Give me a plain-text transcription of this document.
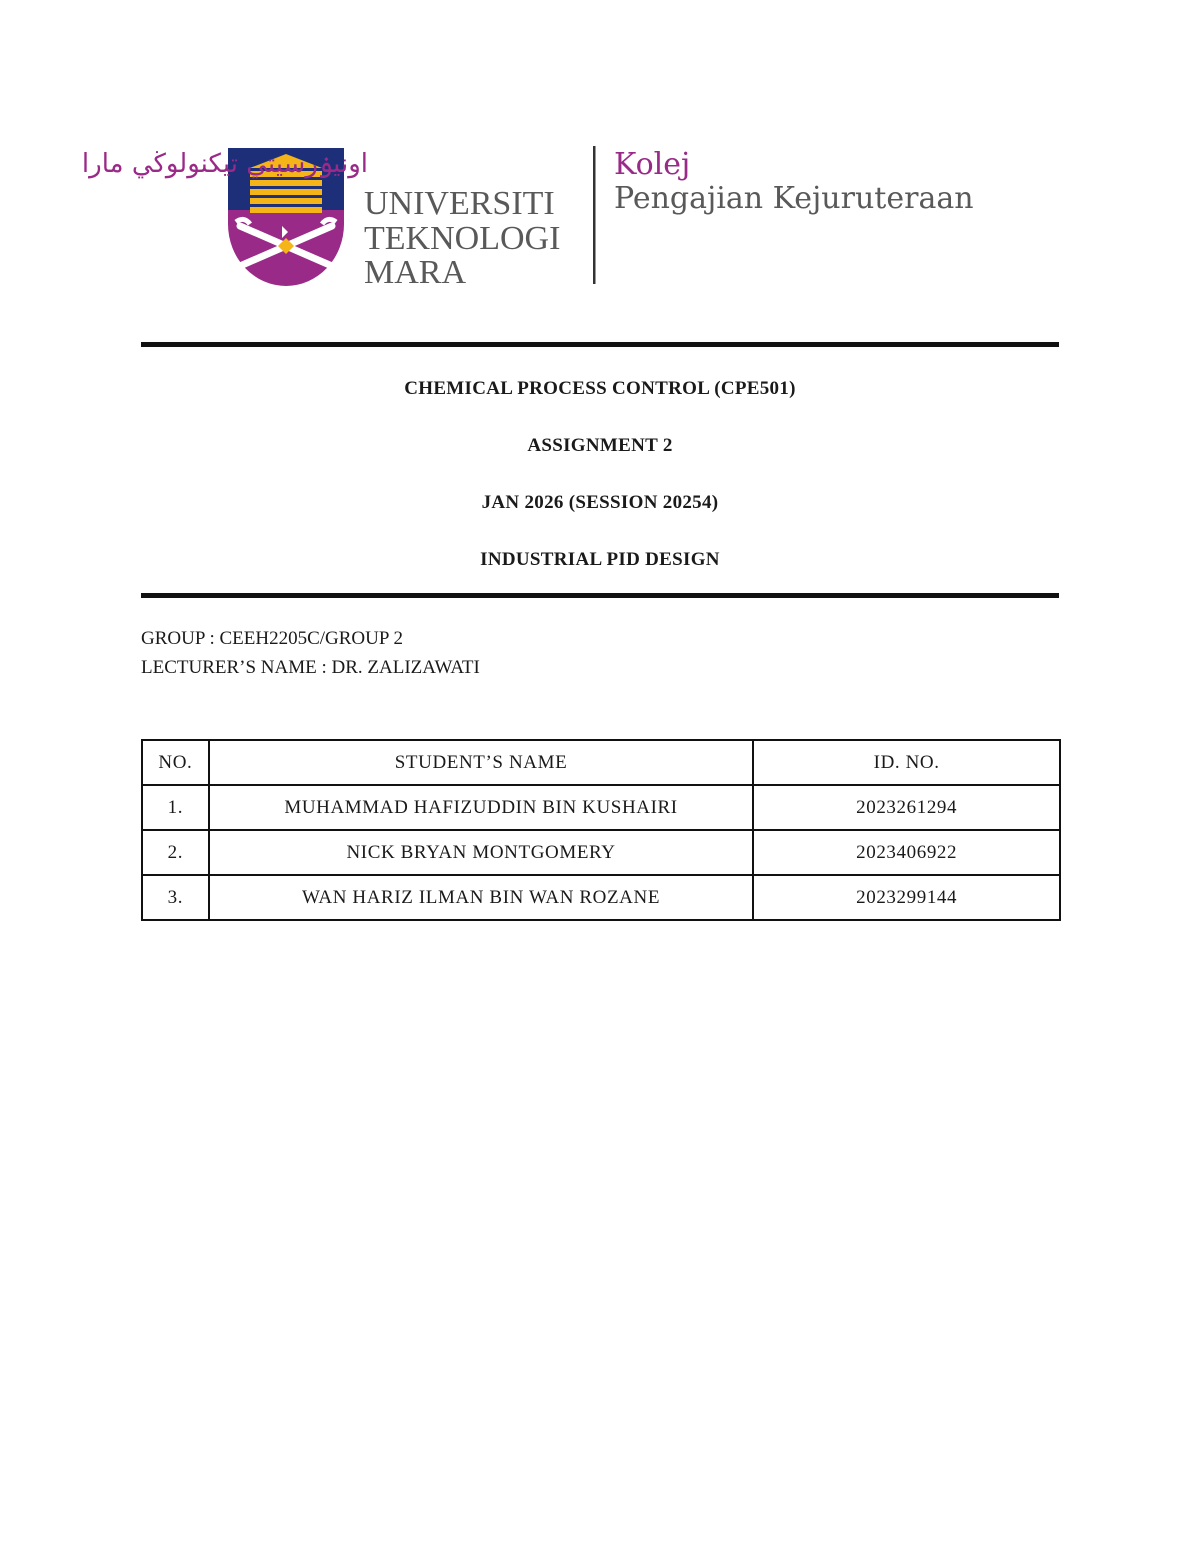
اونيۏرسيتي تيكنولوڬي مارا
UNIVERSITI
TEKNOLOGI
MARA
Kolej
Pengajian Kejuruteraan
CHEMICAL PROCESS CONTROL (CPE501)
ASSIGNMENT 2
JAN 2026 (SESSION 20254)
INDUSTRIAL PID DESIGN
GROUP : CEEH2205C/GROUP 2
LECTURER’S NAME : DR. ZALIZAWATI
NO.	STUDENT’S NAME	ID. NO.
1.	MUHAMMAD HAFIZUDDIN BIN KUSHAIRI	2023261294
2.	NICK BRYAN MONTGOMERY	2023406922
3.	WAN HARIZ ILMAN BIN WAN ROZANE	2023299144
